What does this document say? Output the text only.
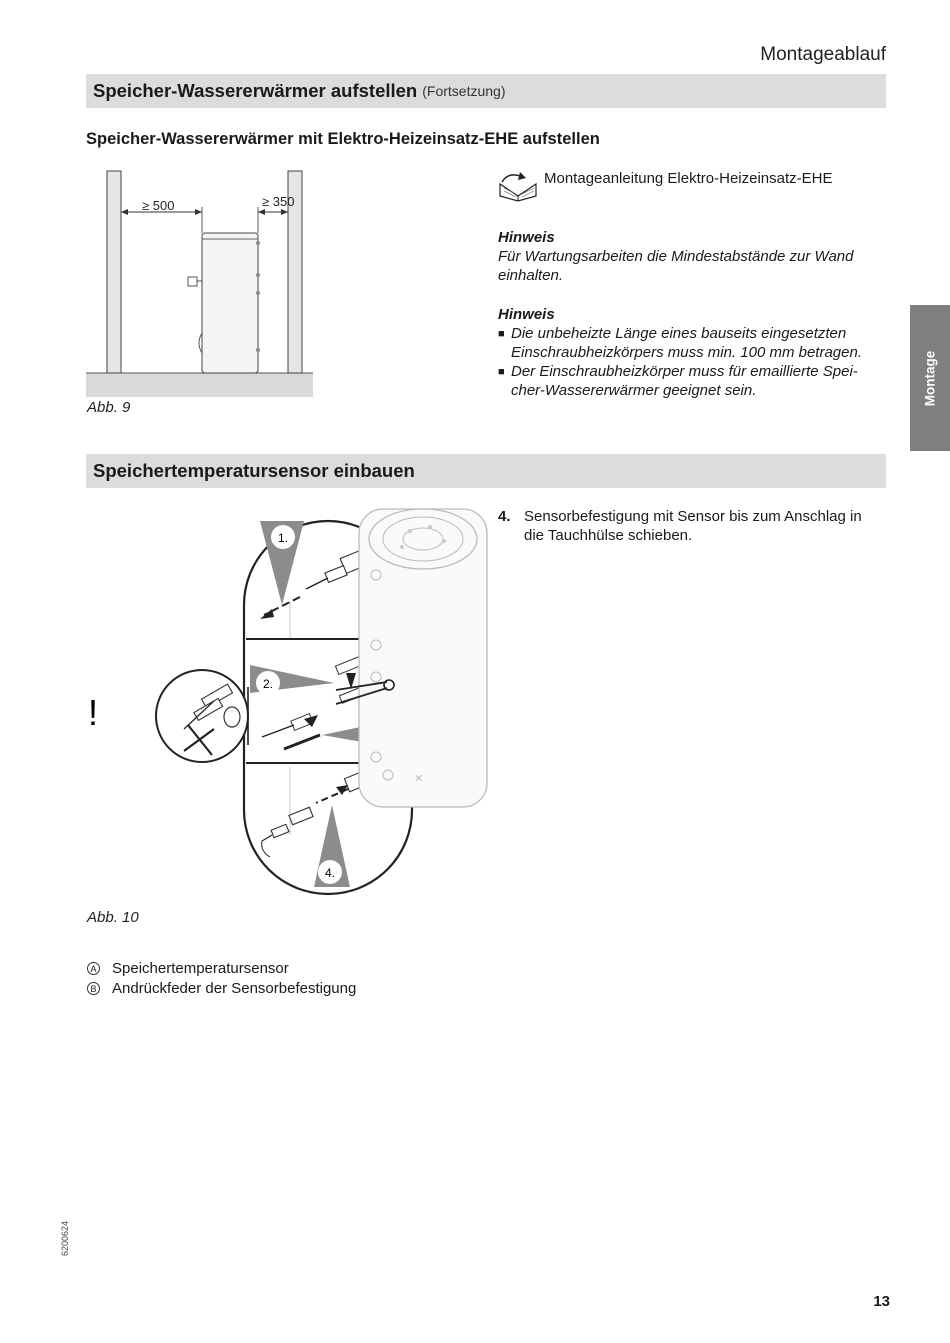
Montageablauf
Speicher-Wassererwärmer aufstellen (Fortsetzung)
Speicher-Wassererwärmer mit Elektro-Heizeinsatz-EHE aufstellen
≥ 500	≥ 350
Abb. 9
Montageanleitung Elektro-Heizeinsatz-EHE
Hinweis
Für Wartungsarbeiten die Mindestabstände zur Wand
einhalten.
Hinweis
■ Die unbeheizte Länge eines bauseits eingesetzten
Einschraubheizkörpers muss min. 100 mm betragen.
■ Der Einschraubheizkörper muss für emaillierte Spei-
cher-Wassererwärmer geeignet sein.	Montage
Speichertemperatursensor einbauen
1.
2.
4.
!
✕
Abb. 10
4. Sensorbefestigung mit Sensor bis zum Anschlag in
die Tauchhülse schieben.
A Speichertemperatursensor
B Andrückfeder der Sensorbefestigung
6200624
13
